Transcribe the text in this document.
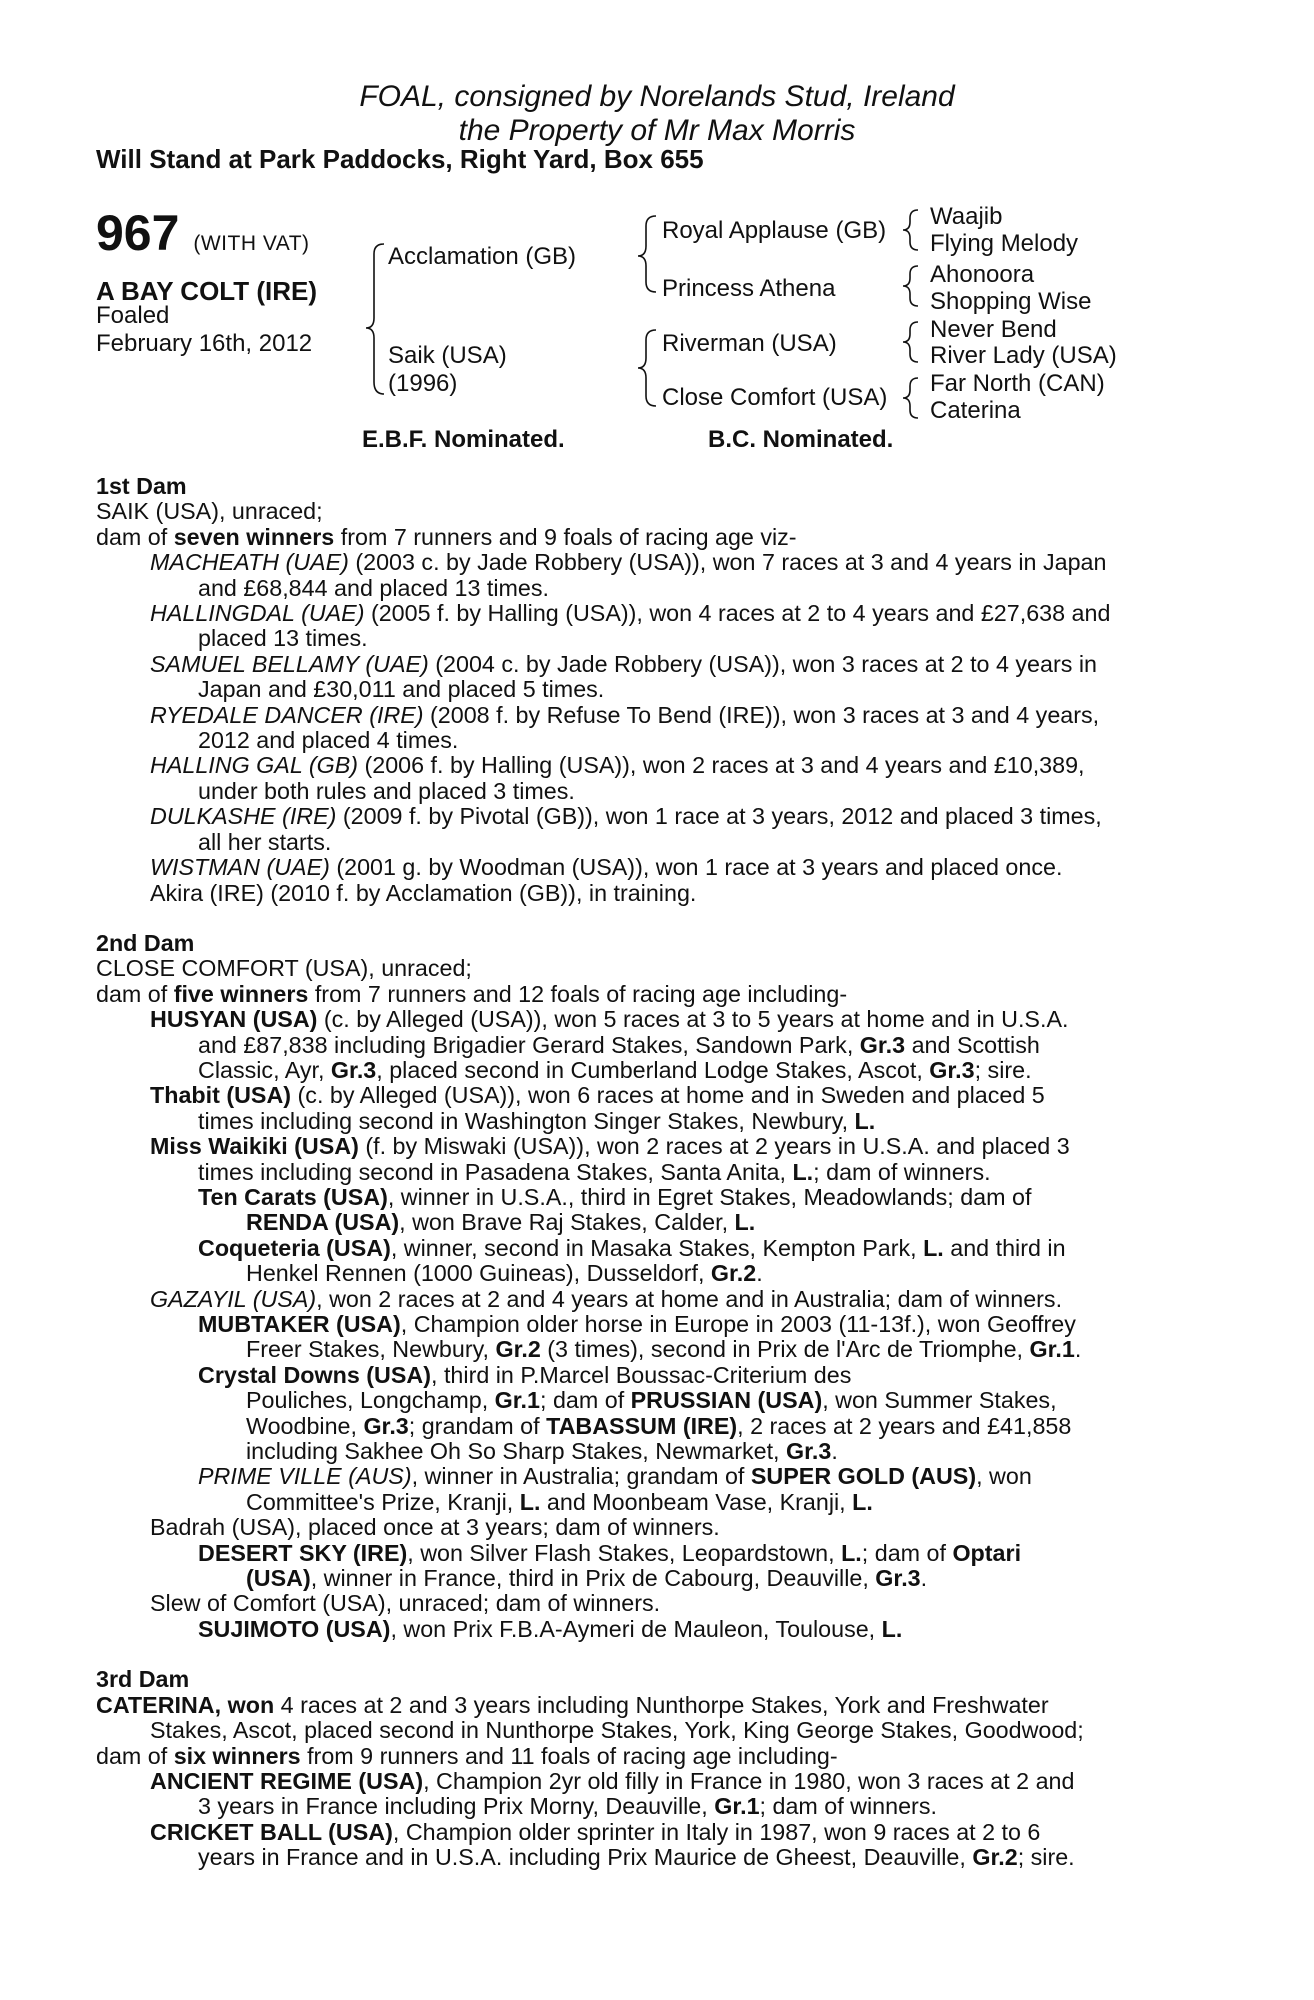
FOAL, consigned by Norelands Stud, Ireland
the Property of Mr Max Morris
Will Stand at Park Paddocks, Right Yard, Box 655
967 (WITH VAT)
A BAY COLT (IRE)
Foaled
February 16th, 2012
Acclamation (GB)
Saik (USA)
(1996)
Royal Applause (GB)
Princess Athena
Riverman (USA)
Close Comfort (USA)
Waajib
Flying Melody
Ahonoora
Shopping Wise
Never Bend
River Lady (USA)
Far North (CAN)
Caterina
E.B.F. Nominated.	B.C. Nominated.
1st Dam
SAIK (USA), unraced;
dam of seven winners from 7 runners and 9 foals of racing age viz-
MACHEATH (UAE) (2003 c. by Jade Robbery (USA)), won 7 races at 3 and 4 years in Japan
and £68,844 and placed 13 times.
HALLINGDAL (UAE) (2005 f. by Halling (USA)), won 4 races at 2 to 4 years and £27,638 and
placed 13 times.
SAMUEL BELLAMY (UAE) (2004 c. by Jade Robbery (USA)), won 3 races at 2 to 4 years in
Japan and £30,011 and placed 5 times.
RYEDALE DANCER (IRE) (2008 f. by Refuse To Bend (IRE)), won 3 races at 3 and 4 years,
2012 and placed 4 times.
HALLING GAL (GB) (2006 f. by Halling (USA)), won 2 races at 3 and 4 years and £10,389,
under both rules and placed 3 times.
DULKASHE (IRE) (2009 f. by Pivotal (GB)), won 1 race at 3 years, 2012 and placed 3 times,
all her starts.
WISTMAN (UAE) (2001 g. by Woodman (USA)), won 1 race at 3 years and placed once.
Akira (IRE) (2010 f. by Acclamation (GB)), in training.
2nd Dam
CLOSE COMFORT (USA), unraced;
dam of five winners from 7 runners and 12 foals of racing age including-
HUSYAN (USA) (c. by Alleged (USA)), won 5 races at 3 to 5 years at home and in U.S.A.
and £87,838 including Brigadier Gerard Stakes, Sandown Park, Gr.3 and Scottish
Classic, Ayr, Gr.3, placed second in Cumberland Lodge Stakes, Ascot, Gr.3; sire.
Thabit (USA) (c. by Alleged (USA)), won 6 races at home and in Sweden and placed 5
times including second in Washington Singer Stakes, Newbury, L.
Miss Waikiki (USA) (f. by Miswaki (USA)), won 2 races at 2 years in U.S.A. and placed 3
times including second in Pasadena Stakes, Santa Anita, L.; dam of winners.
Ten Carats (USA), winner in U.S.A., third in Egret Stakes, Meadowlands; dam of
RENDA (USA), won Brave Raj Stakes, Calder, L.
Coqueteria (USA), winner, second in Masaka Stakes, Kempton Park, L. and third in
Henkel Rennen (1000 Guineas), Dusseldorf, Gr.2.
GAZAYIL (USA), won 2 races at 2 and 4 years at home and in Australia; dam of winners.
MUBTAKER (USA), Champion older horse in Europe in 2003 (11-13f.), won Geoffrey
Freer Stakes, Newbury, Gr.2 (3 times), second in Prix de l'Arc de Triomphe, Gr.1.
Crystal Downs (USA), third in P.Marcel Boussac-Criterium des
Pouliches, Longchamp, Gr.1; dam of PRUSSIAN (USA), won Summer Stakes,
Woodbine, Gr.3; grandam of TABASSUM (IRE), 2 races at 2 years and £41,858
including Sakhee Oh So Sharp Stakes, Newmarket, Gr.3.
PRIME VILLE (AUS), winner in Australia; grandam of SUPER GOLD (AUS), won
Committee's Prize, Kranji, L. and Moonbeam Vase, Kranji, L.
Badrah (USA), placed once at 3 years; dam of winners.
DESERT SKY (IRE), won Silver Flash Stakes, Leopardstown, L.; dam of Optari
(USA), winner in France, third in Prix de Cabourg, Deauville, Gr.3.
Slew of Comfort (USA), unraced; dam of winners.
SUJIMOTO (USA), won Prix F.B.A-Aymeri de Mauleon, Toulouse, L.
3rd Dam
CATERINA, won 4 races at 2 and 3 years including Nunthorpe Stakes, York and Freshwater
Stakes, Ascot, placed second in Nunthorpe Stakes, York, King George Stakes, Goodwood;
dam of six winners from 9 runners and 11 foals of racing age including-
ANCIENT REGIME (USA), Champion 2yr old filly in France in 1980, won 3 races at 2 and
3 years in France including Prix Morny, Deauville, Gr.1; dam of winners.
CRICKET BALL (USA), Champion older sprinter in Italy in 1987, won 9 races at 2 to 6
years in France and in U.S.A. including Prix Maurice de Gheest, Deauville, Gr.2; sire.
